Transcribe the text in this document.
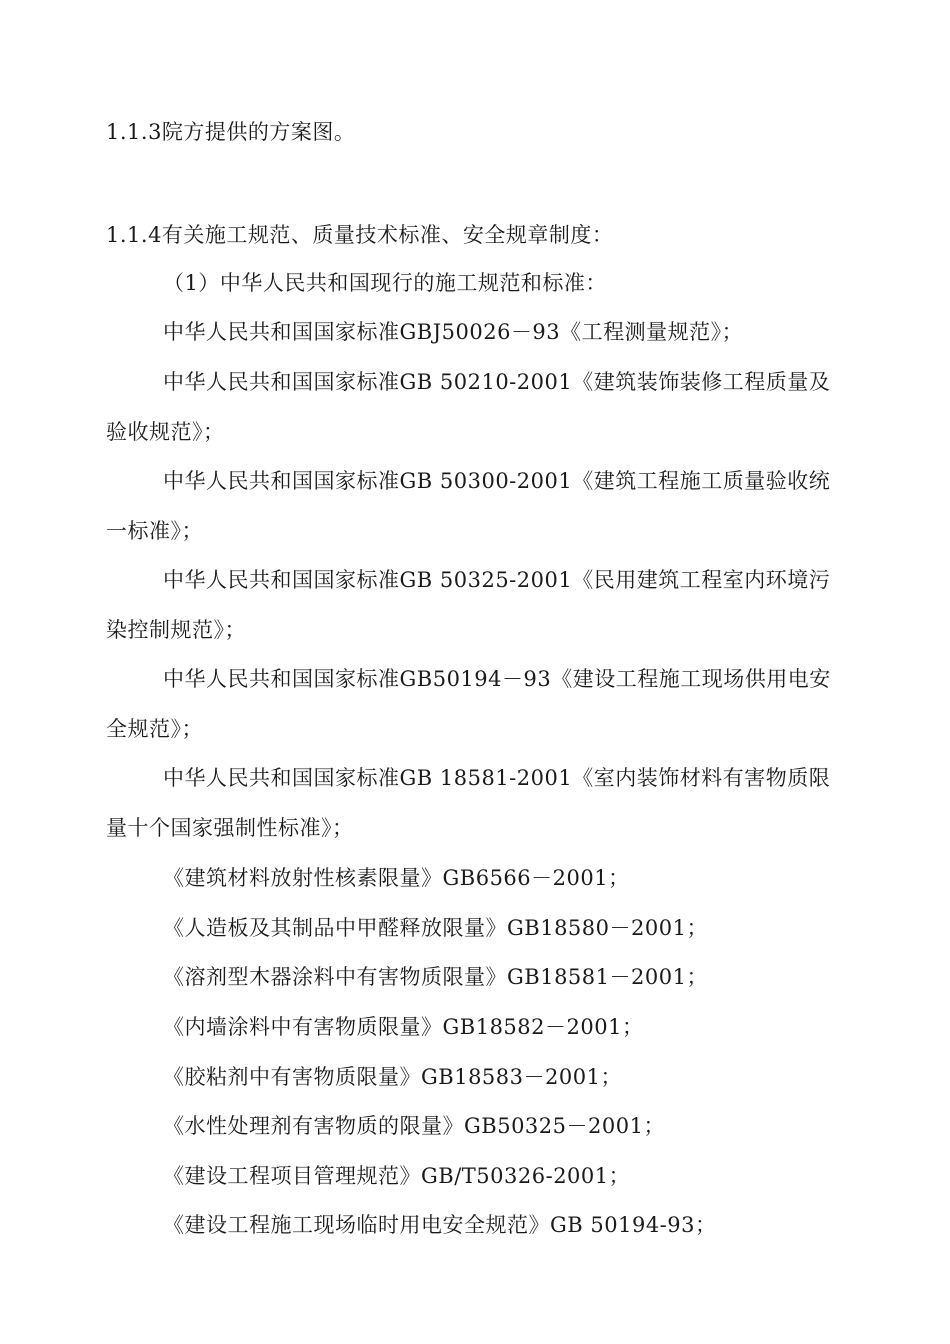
1.1.3院方提供的方案图。
1.1.4有关施工规范、质量技术标准、安全规章制度：
（1）中华人民共和国现行的施工规范和标准：
中华人民共和国国家标准GBJ50026－93《工程测量规范》；
中华人民共和国国家标准GB 50210-2001《建筑装饰装修工程质量及
验收规范》；
中华人民共和国国家标准GB 50300-2001《建筑工程施工质量验收统
一标准》；
中华人民共和国国家标准GB 50325-2001《民用建筑工程室内环境污
染控制规范》；
中华人民共和国国家标准GB50194－93《建设工程施工现场供用电安
全规范》；
中华人民共和国国家标准GB 18581-2001《室内装饰材料有害物质限
量十个国家强制性标准》；
《建筑材料放射性核素限量》GB6566－2001；
《人造板及其制品中甲醛释放限量》GB18580－2001；
《溶剂型木器涂料中有害物质限量》GB18581－2001；
《内墙涂料中有害物质限量》GB18582－2001；
《胶粘剂中有害物质限量》GB18583－2001；
《水性处理剂有害物质的限量》GB50325－2001；
《建设工程项目管理规范》GB/T50326-2001；
《建设工程施工现场临时用电安全规范》GB 50194-93；
